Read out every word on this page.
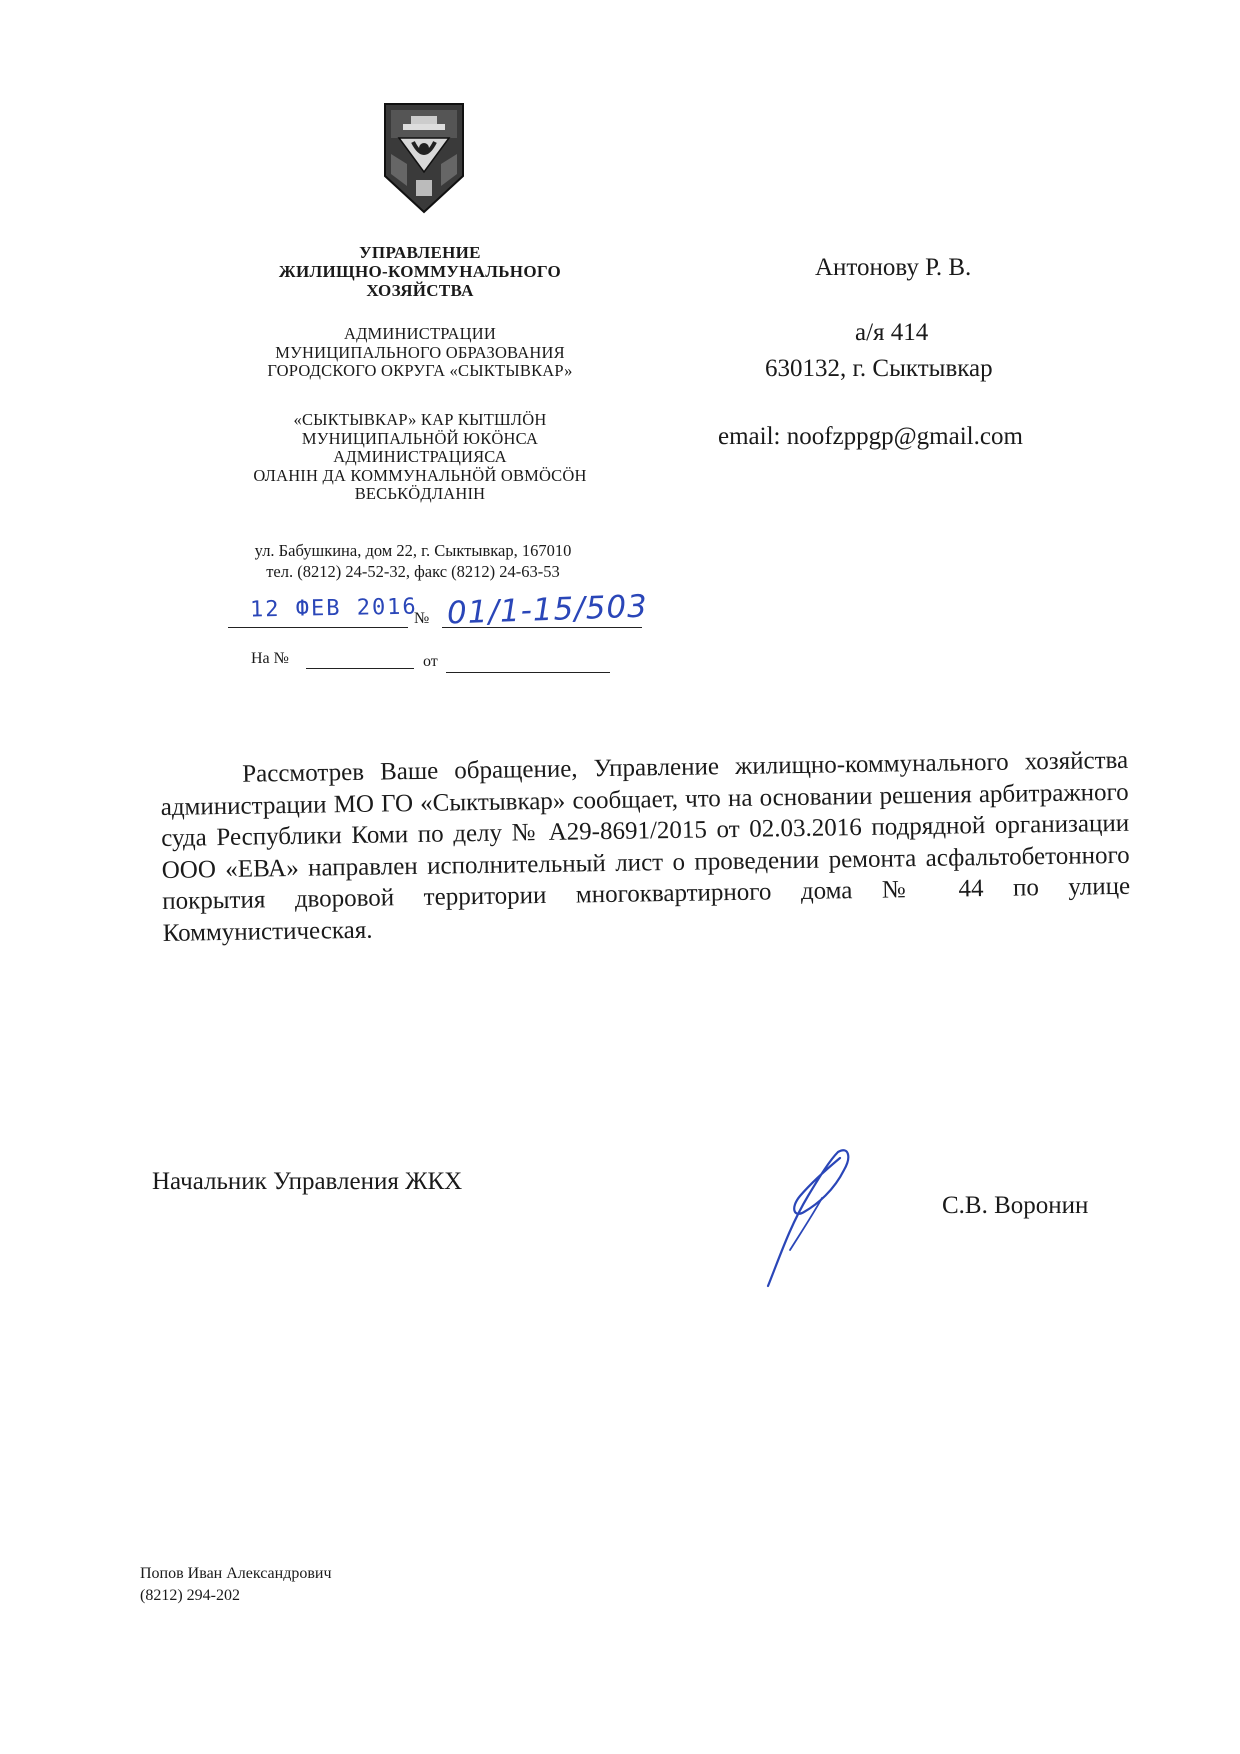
УПРАВЛЕНИЕ
ЖИЛИЩНО-КОММУНАЛЬНОГО
ХОЗЯЙСТВА
АДМИНИСТРАЦИИ
МУНИЦИПАЛЬНОГО ОБРАЗОВАНИЯ
ГОРОДСКОГО ОКРУГА «СЫКТЫВКАР»
«СЫКТЫВКАР» КАР КЫТШЛӦН
МУНИЦИПАЛЬНӦЙ ЮКӦНСА
АДМИНИСТРАЦИЯСА
ОЛАНIН ДА КОММУНАЛЬНӦЙ ОВМӦСӦН
ВЕСЬКӦДЛАНIН
ул. Бабушкина, дом 22, г. Сыктывкар, 167010
тел. (8212) 24-52-32, факс (8212) 24-63-53
12 ФЕВ 2016
№ 01/1-15/503
На №	от
Антонову Р. В.
а/я 414
630132, г. Сыктывкар
email: noofzppgp@gmail.com
Рассмотрев Ваше обращение, Управление жилищно-коммунального хозяйства администрации МО ГО «Сыктывкар» сообщает, что на основании решения арбитражного суда Республики Коми по делу № А29-8691/2015 от 02.03.2016 подрядной организации ООО «ЕВА» направлен исполнительный лист о проведении ремонта асфальтобетонного покрытия дворовой территории многоквартирного дома № 44 по улице Коммунистическая.
Начальник Управления ЖКХ
С.В. Воронин
Попов Иван Александрович
(8212) 294-202
